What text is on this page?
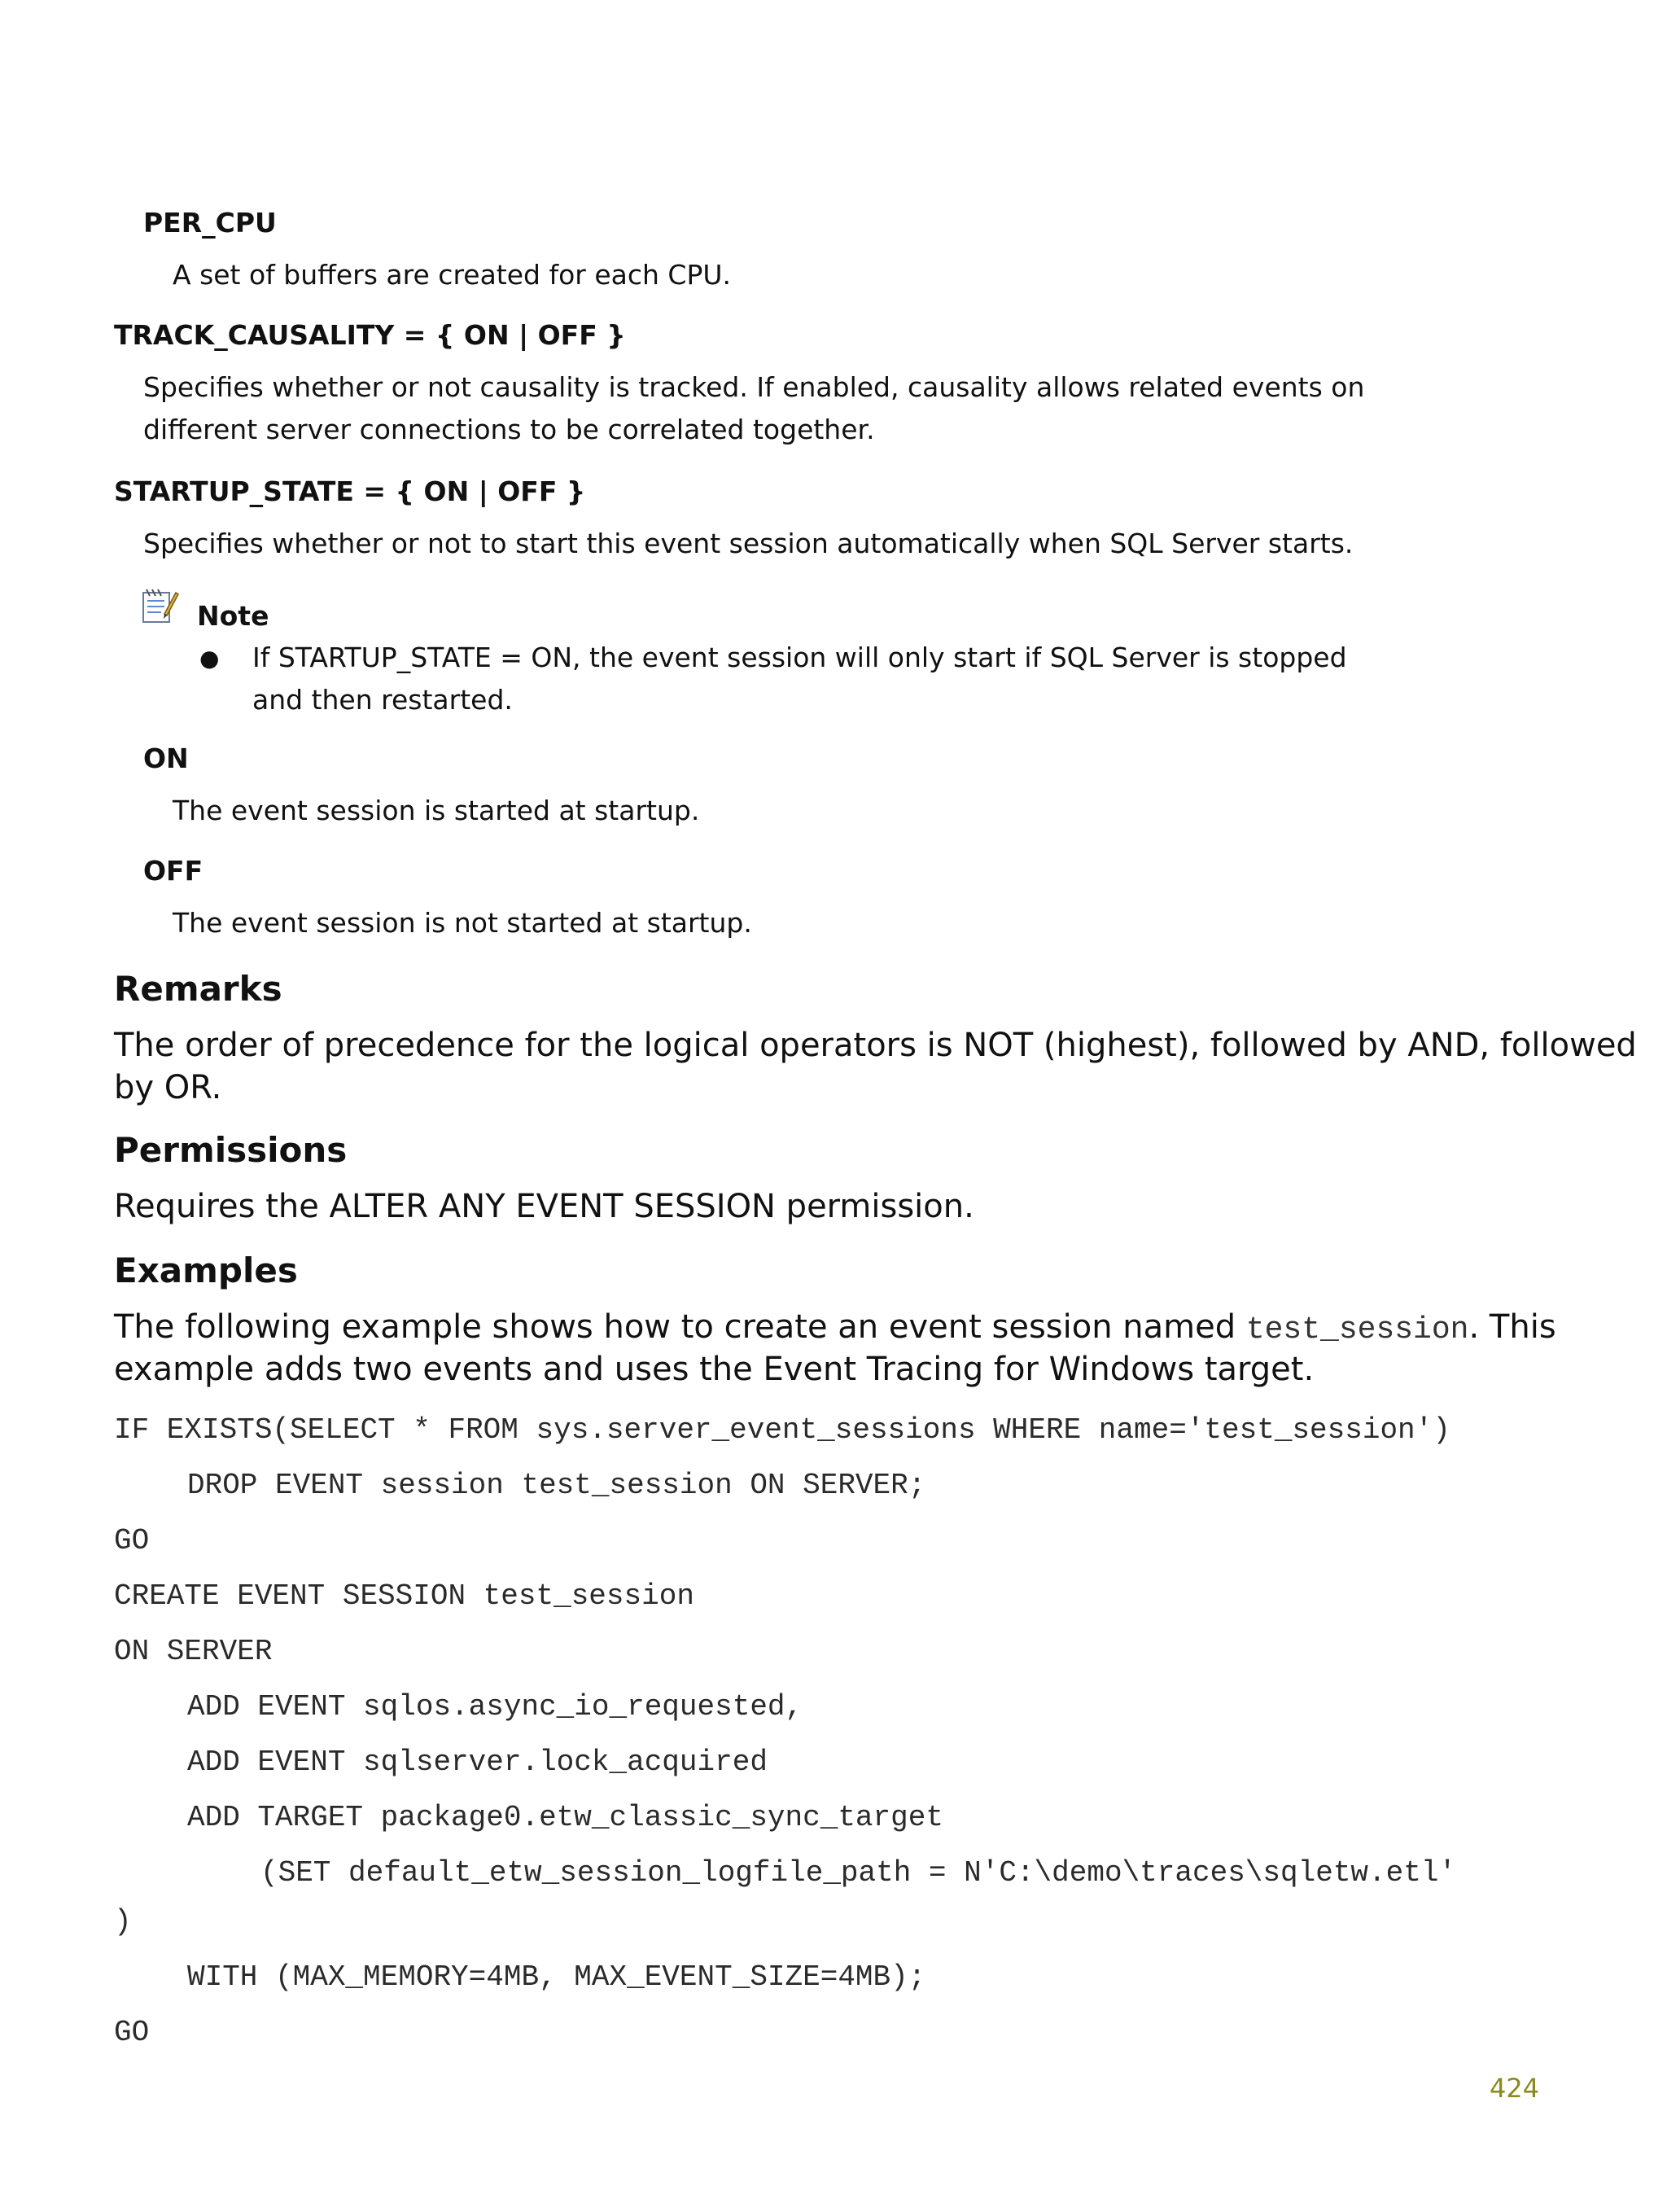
PER_CPU
A set of buffers are created for each CPU.
TRACK_CAUSALITY = { ON | OFF }
Specifies whether or not causality is tracked. If enabled, causality allows related events on
different server connections to be correlated together.
STARTUP_STATE = { ON | OFF }
Specifies whether or not to start this event session automatically when SQL Server starts.
Note
● If STARTUP_STATE = ON, the event session will only start if SQL Server is stopped
and then restarted.
ON
The event session is started at startup.
OFF
The event session is not started at startup.
Remarks
The order of precedence for the logical operators is NOT (highest), followed by AND, followed
by OR.
Permissions
Requires the ALTER ANY EVENT SESSION permission.
Examples
The following example shows how to create an event session named test_session. This
example adds two events and uses the Event Tracing for Windows target.
IF EXISTS(SELECT * FROM sys.server_event_sessions WHERE name='test_session')
DROP EVENT session test_session ON SERVER;
GO
CREATE EVENT SESSION test_session
ON SERVER
ADD EVENT sqlos.async_io_requested,
ADD EVENT sqlserver.lock_acquired
ADD TARGET package0.etw_classic_sync_target
(SET default_etw_session_logfile_path = N'C:\demo\traces\sqletw.etl'
)
WITH (MAX_MEMORY=4MB, MAX_EVENT_SIZE=4MB);
GO
424
